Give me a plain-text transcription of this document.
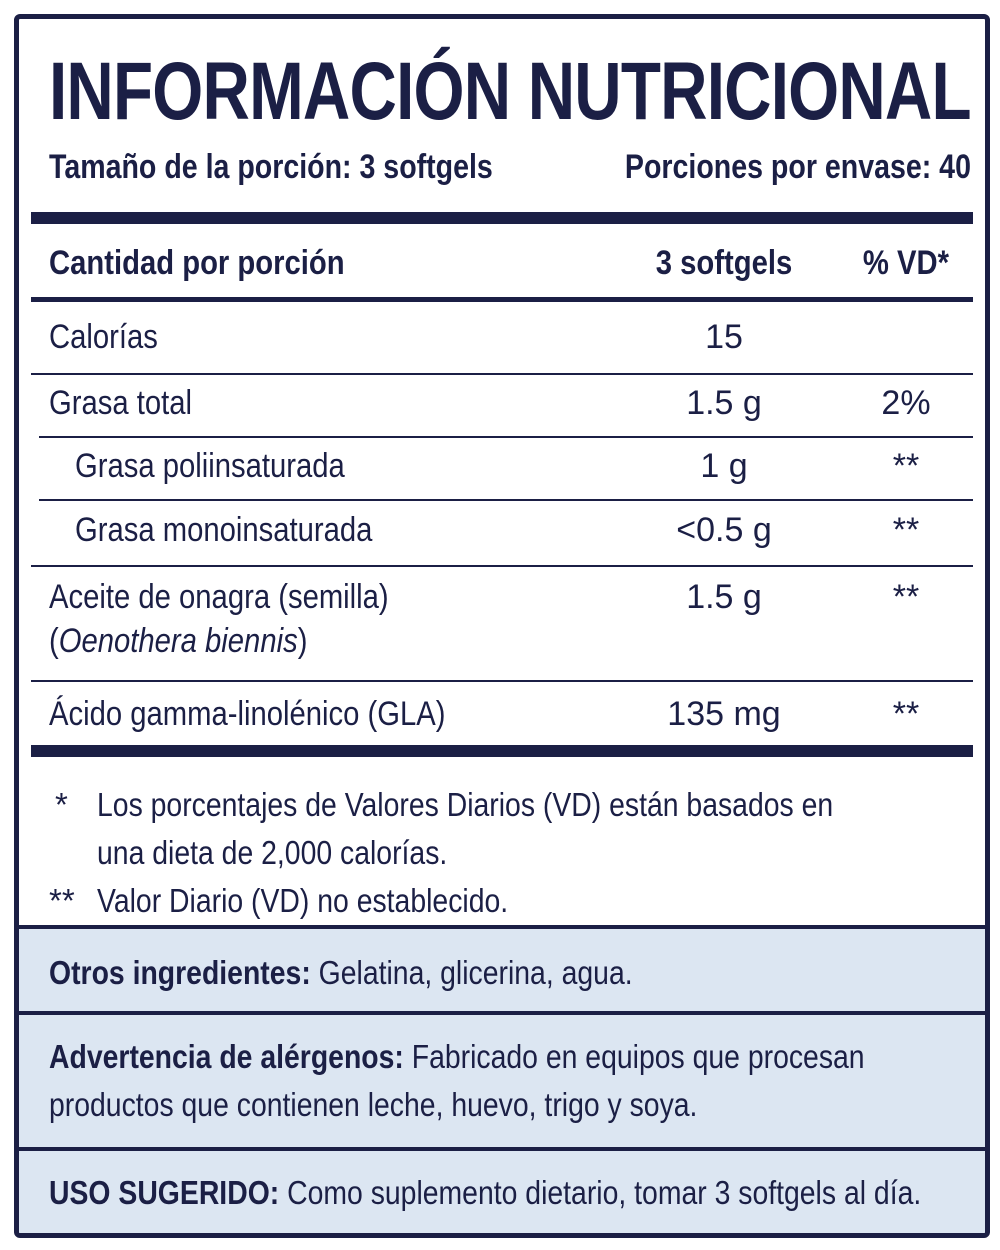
INFORMACIÓN NUTRICIONAL
Tamaño de la porción: 3 softgels	Porciones por envase: 40
Cantidad por porción	3 softgels	% VD*
Calorías	15
Grasa total	1.5 g	2%
Grasa poliinsaturada	1 g	**
Grasa monoinsaturada	<0.5 g	**
Aceite de onagra (semilla)
(Oenothera biennis)
1.5 g	**
Ácido gamma-linolénico (GLA)	135 mg	**
* Los porcentajes de Valores Diarios (VD) están basados en una dieta de 2,000 calorías.
** Valor Diario (VD) no establecido.
Otros ingredientes: Gelatina, glicerina, agua.
Advertencia de alérgenos: Fabricado en equipos que procesan productos que contienen leche, huevo, trigo y soya.
USO SUGERIDO: Como suplemento dietario, tomar 3 softgels al día.
